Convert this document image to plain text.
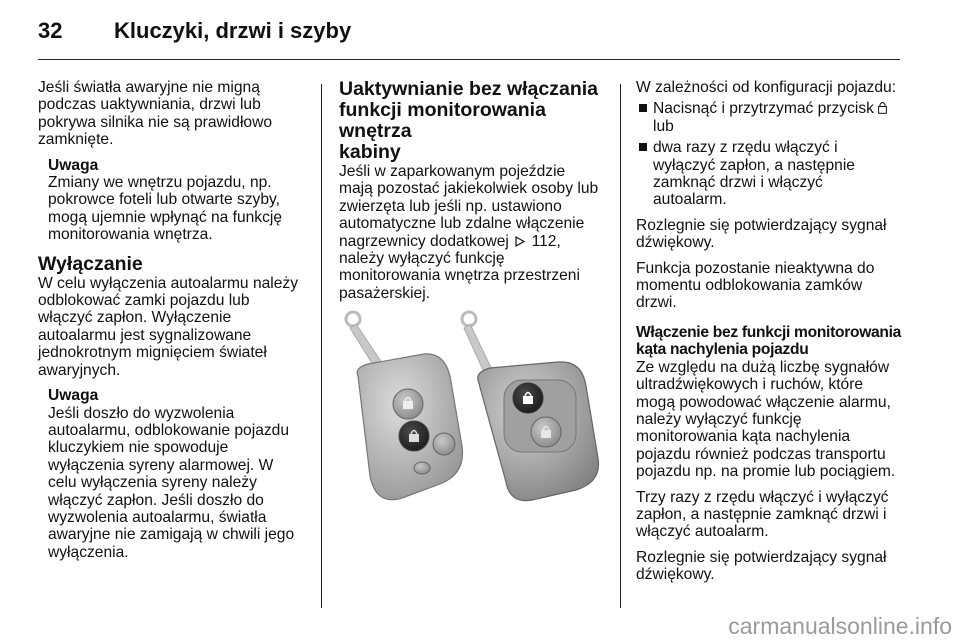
32 Kluczyki, drzwi i szyby
Jeśli światła awaryjne nie migną
podczas uaktywniania, drzwi lub
pokrywa silnika nie są prawidłowo
zamknięte.
Uwaga
Zmiany we wnętrzu pojazdu, np.
pokrowce foteli lub otwarte szyby,
mogą ujemnie wpłynąć na funkcję
monitorowania wnętrza.
Wyłączanie
W celu wyłączenia autoalarmu należy
odblokować zamki pojazdu lub
włączyć zapłon. Wyłączenie
autoalarmu jest sygnalizowane
jednokrotnym mignięciem świateł
awaryjnych.
Uwaga
Jeśli doszło do wyzwolenia
autoalarmu, odblokowanie pojazdu
kluczykiem nie spowoduje
wyłączenia syreny alarmowej. W
celu wyłączenia syreny należy
włączyć zapłon. Jeśli doszło do
wyzwolenia autoalarmu, światła
awaryjne nie zamigają w chwili jego
wyłączenia.
Uaktywnianie bez włączania
funkcji monitorowania wnętrza
kabiny
Jeśli w zaparkowanym pojeździe
mają pozostać jakiekolwiek osoby lub
zwierzęta lub jeśli np. ustawiono
automatyczne lub zdalne włączenie
nagrzewnicy dodatkowej 112,
należy wyłączyć funkcję
monitorowania wnętrza przestrzeni
pasażerskiej.

W zależności od konfiguracji pojazdu:

Nacisnąć i przytrzymać przycisk
lub
dwa razy z rzędu włączyć i
wyłączyć zapłon, a następnie
zamknąć drzwi i włączyć
autoalarm.
Rozlegnie się potwierdzający sygnał
dźwiękowy.
Funkcja pozostanie nieaktywna do
momentu odblokowania zamków
drzwi.
Włączenie bez funkcji monitorowania
kąta nachylenia pojazdu
Ze względu na dużą liczbę sygnałów
ultradźwiękowych i ruchów, które
mogą powodować włączenie alarmu,
należy wyłączyć funkcję
monitorowania kąta nachylenia
pojazdu również podczas transportu
pojazdu np. na promie lub pociągiem.
Trzy razy z rzędu włączyć i wyłączyć
zapłon, a następnie zamknąć drzwi i
włączyć autoalarm.
Rozlegnie się potwierdzający sygnał
dźwiękowy.
carmanualsonline.info
